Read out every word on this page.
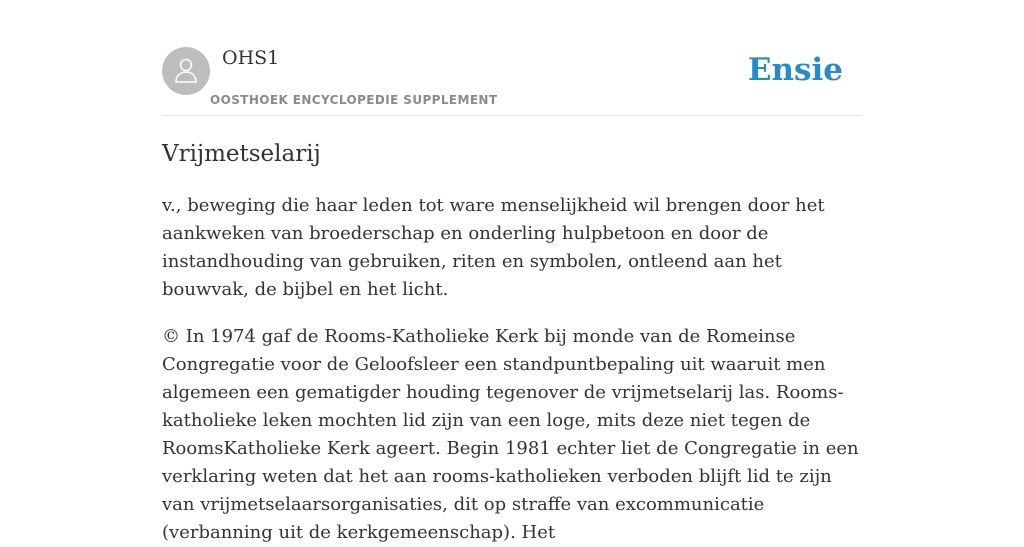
OHS1
OOSTHOEK ENCYCLOPEDIE SUPPLEMENT
Ensie
Vrijmetselarij

v., beweging die haar leden tot ware menselijkheid wil brengen door het aankweken van broederschap en onderling hulpbetoon en door de instandhouding van gebruiken, riten en symbolen, ontleend aan het bouwvak, de bijbel en het licht.

© In 1974 gaf de Rooms-Katholieke Kerk bij monde van de Romeinse Congregatie voor de Geloofsleer een standpuntbepaling uit waaruit men algemeen een gematigder houding tegenover de vrijmetselarij las. Rooms-katholieke leken mochten lid zijn van een loge, mits deze niet tegen de RoomsKatholieke Kerk ageert. Begin 1981 echter liet de Congregatie in een verklaring weten dat het aan rooms-katholieken verboden blijft lid te zijn van vrijmetselaarsorganisaties, dit op straffe van excommunicatie (verbanning uit de kerkgemeenschap). Het
